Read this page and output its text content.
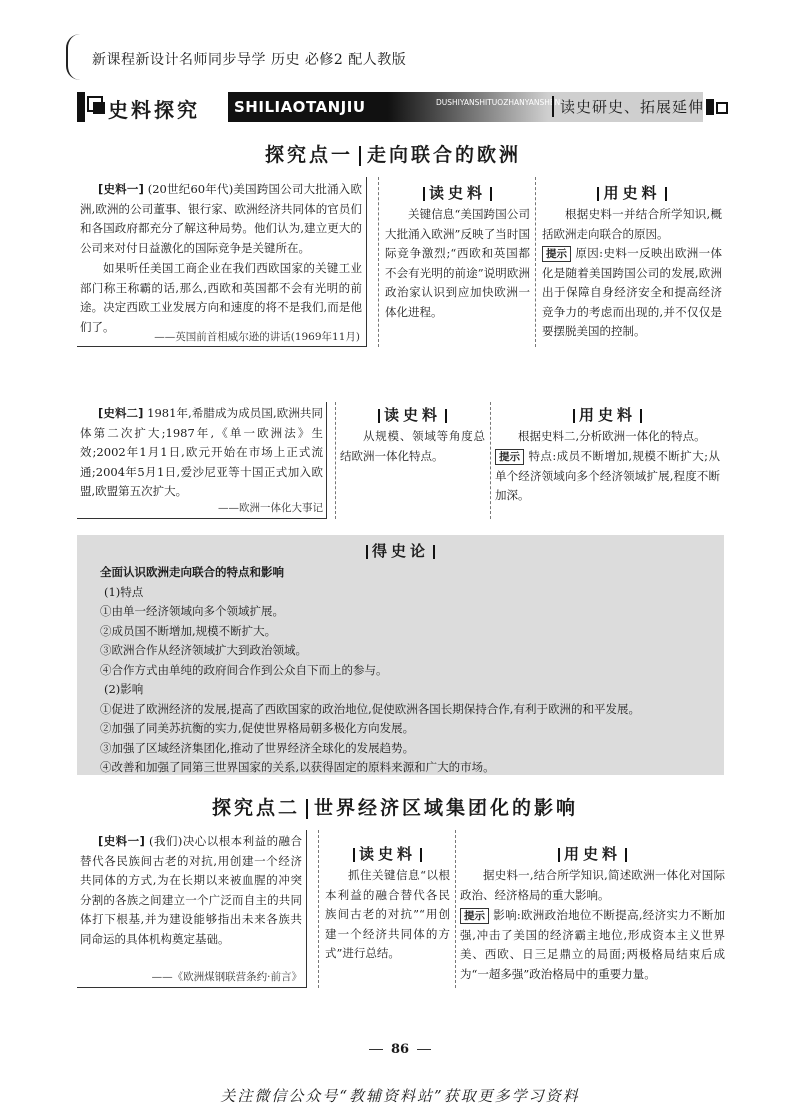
新课程新设计名师同步导学 历史 必修2 配人教版
史料探究	SHILIAOTANJIU	DUSHIYANSHITUOZHANYANSHEN 读史研史、拓展延伸
探究点一 走向联合的欧洲
[史料一] (20世纪60年代)美国跨国公司大批涌入欧洲,欧洲的公司董事、银行家、欧洲经济共同体的官员们和各国政府都充分了解这种局势。他们认为,建立更大的公司来对付日益激化的国际竞争是关键所在。
如果听任美国工商企业在我们西欧国家的关键工业部门称王称霸的话,那么,西欧和英国都不会有光明的前途。决定西欧工业发展方向和速度的将不是我们,而是他们了。
——英国前首相威尔逊的讲话(1969年11月)
读史料
关键信息“美国跨国公司大批涌入欧洲”反映了当时国际竞争激烈;“西欧和英国都不会有光明的前途”说明欧洲政治家认识到应加快欧洲一体化进程。
用史料
根据史料一并结合所学知识,概括欧洲走向联合的原因。
提示 原因:史料一反映出欧洲一体化是随着美国跨国公司的发展,欧洲出于保障自身经济安全和提高经济竞争力的考虑而出现的,并不仅仅是要摆脱美国的控制。
[史料二] 1981年,希腊成为成员国,欧洲共同体第二次扩大;1987年,《单一欧洲法》生效;2002年1月1日,欧元开始在市场上正式流通;2004年5月1日,爱沙尼亚等十国正式加入欧盟,欧盟第五次扩大。
——欧洲一体化大事记
读史料
从规模、领域等角度总结欧洲一体化特点。
用史料
根据史料二,分析欧洲一体化的特点。
提示 特点:成员不断增加,规模不断扩大;从单个经济领域向多个经济领域扩展,程度不断加深。
得史论
全面认识欧洲走向联合的特点和影响
(1)特点
①由单一经济领域向多个领域扩展。
②成员国不断增加,规模不断扩大。
③欧洲合作从经济领域扩大到政治领域。
④合作方式由单纯的政府间合作到公众自下而上的参与。
(2)影响
①促进了欧洲经济的发展,提高了西欧国家的政治地位,促使欧洲各国长期保持合作,有利于欧洲的和平发展。
②加强了同美苏抗衡的实力,促使世界格局朝多极化方向发展。
③加强了区域经济集团化,推动了世界经济全球化的发展趋势。
④改善和加强了同第三世界国家的关系,以获得固定的原料来源和广大的市场。
探究点二 世界经济区域集团化的影响
[史料一] (我们)决心以根本利益的融合替代各民族间古老的对抗,用创建一个经济共同体的方式,为在长期以来被血腥的冲突分割的各族之间建立一个广泛而自主的共同体打下根基,并为建设能够指出未来各族共同命运的具体机构奠定基础。
——《欧洲煤钢联营条约·前言》
读史料
抓住关键信息“以根本利益的融合替代各民族间古老的对抗”“用创建一个经济共同体的方式”进行总结。
用史料
据史料一,结合所学知识,简述欧洲一体化对国际政治、经济格局的重大影响。
提示 影响:欧洲政治地位不断提高,经济实力不断加强,冲击了美国的经济霸主地位,形成资本主义世界美、西欧、日三足鼎立的局面;两极格局结束后成为“一超多强”政治格局中的重要力量。
86
关注微信公众号“教辅资料站”获取更多学习资料
